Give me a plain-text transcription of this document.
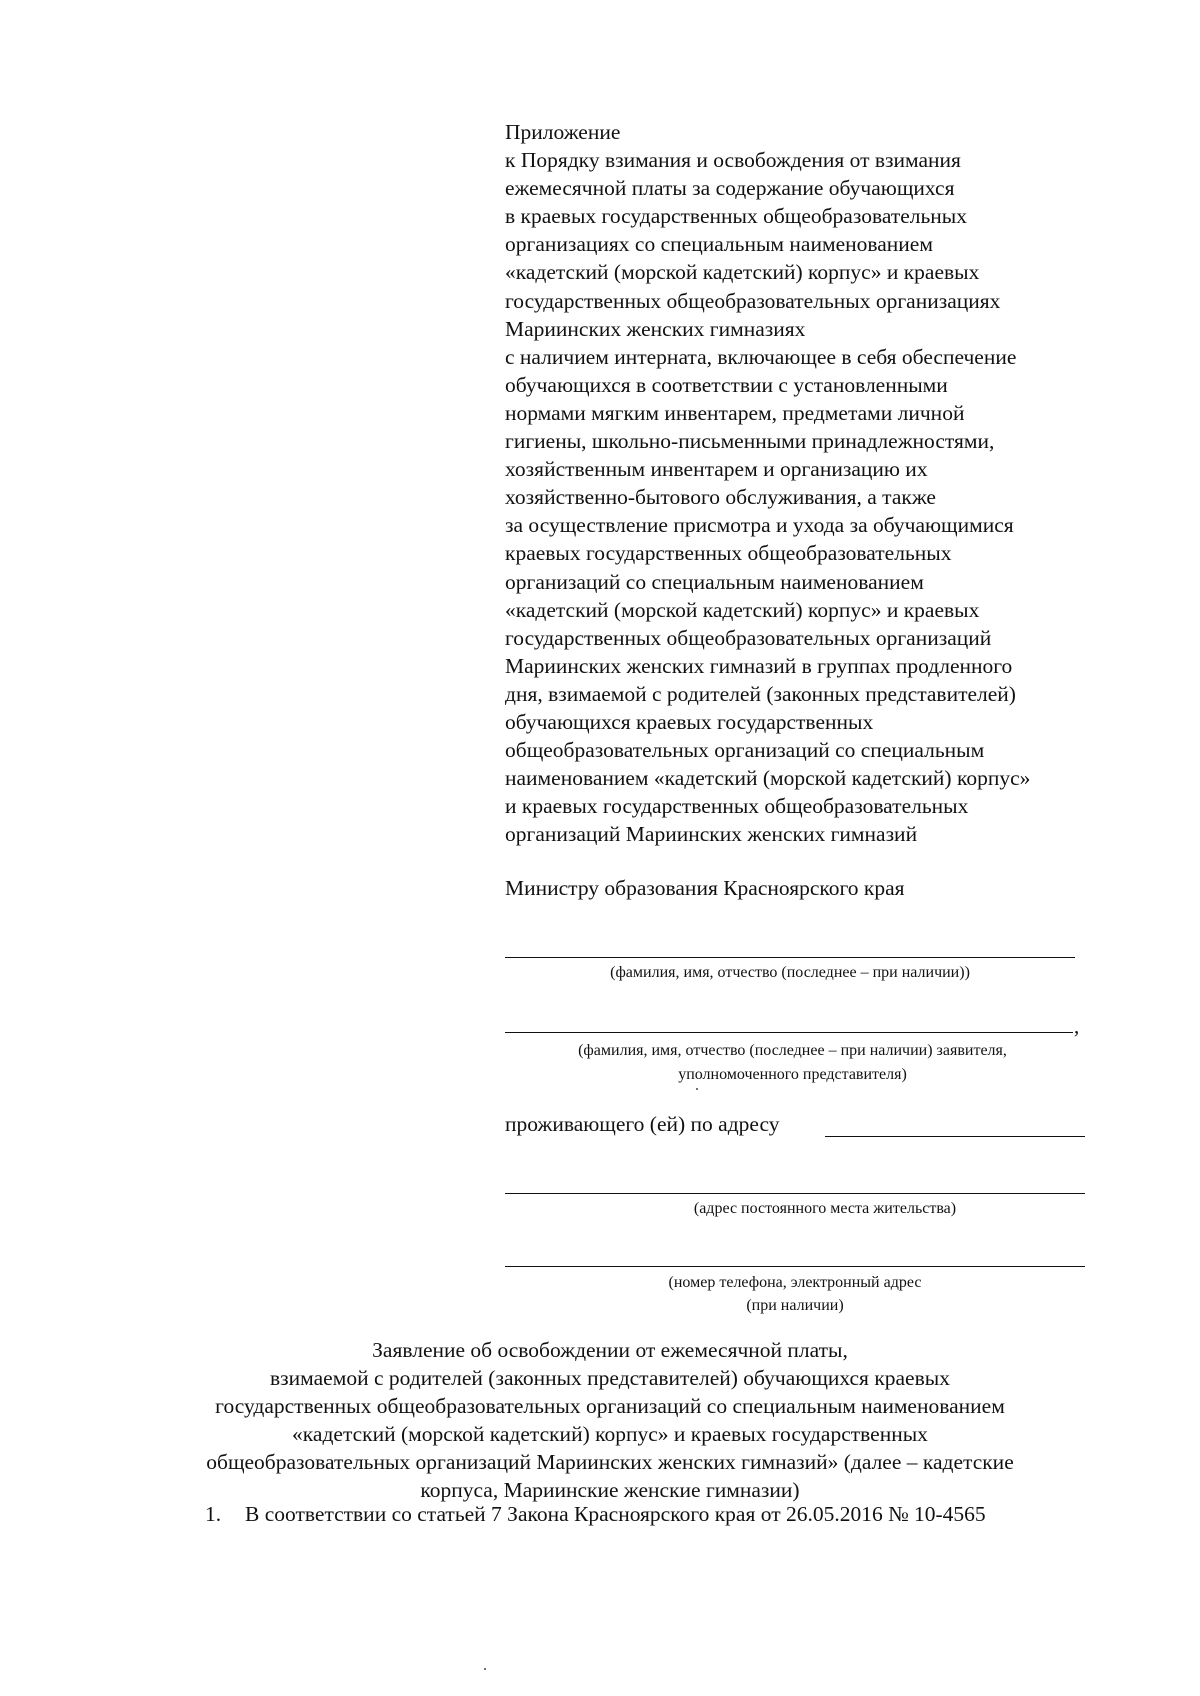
Приложение
к Порядку взимания и освобождения от взимания
ежемесячной платы за содержание обучающихся
в краевых государственных общеобразовательных
организациях со специальным наименованием
«кадетский (морской кадетский) корпус» и краевых
государственных общеобразовательных организациях
Мариинских женских гимназиях
с наличием интерната, включающее в себя обеспечение
обучающихся в соответствии с установленными
нормами мягким инвентарем, предметами личной
гигиены, школьно-письменными принадлежностями,
хозяйственным инвентарем и организацию их
хозяйственно-бытового обслуживания, а также
за осуществление присмотра и ухода за обучающимися
краевых государственных общеобразовательных
организаций со специальным наименованием
«кадетский (морской кадетский) корпус» и краевых
государственных общеобразовательных организаций
Мариинских женских гимназий в группах продленного
дня, взимаемой с родителей (законных представителей)
обучающихся краевых государственных
общеобразовательных организаций со специальным
наименованием «кадетский (морской кадетский) корпус»
и краевых государственных общеобразовательных
организаций Мариинских женских гимназий
Министру образования Красноярского края
(фамилия, имя, отчество (последнее – при наличии))
,
(фамилия, имя, отчество (последнее – при наличии) заявителя,
уполномоченного представителя)
проживающего (ей) по адресу
(адрес постоянного места жительства)
(номер телефона, электронный адрес
(при наличии)
Заявление об освобождении от ежемесячной платы,
взимаемой с родителей (законных представителей) обучающихся краевых
государственных общеобразовательных организаций со специальным наименованием
«кадетский (морской кадетский) корпус» и краевых государственных
общеобразовательных организаций Мариинских женских гимназий» (далее – кадетские
корпуса, Мариинские женские гимназии)
1. В соответствии со статьей 7 Закона Красноярского края от 26.05.2016 № 10-4565
